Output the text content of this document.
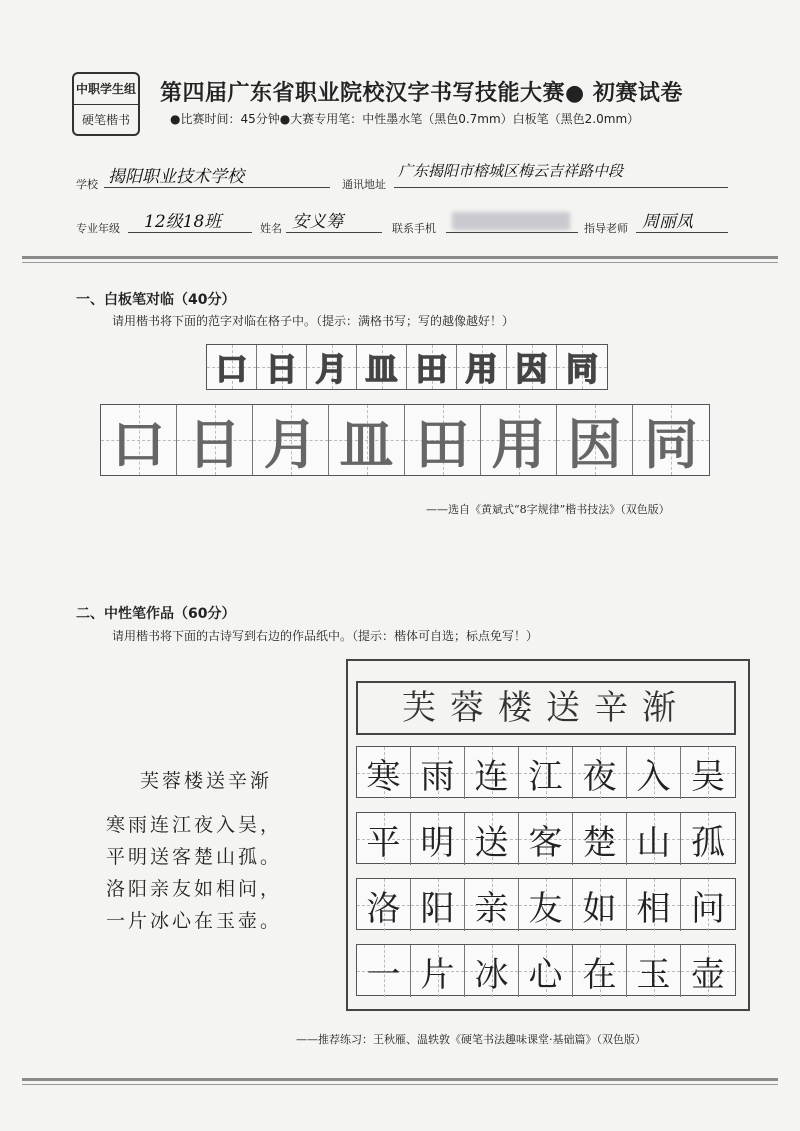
中职学生组
硬笔楷书
第四届广东省职业院校汉字书写技能大赛● 初赛试卷
●比赛时间：45分钟●大赛专用笔：中性墨水笔（黑色0.7mm）白板笔（黑色2.0mm）
学校 揭阳职业技术学校	通讯地址
广东揭阳市榕城区梅云吉祥路中段
专业年级 12级18班	姓名 安义筹	联系手机	指导老师 周丽凤
一、白板笔对临（40分）
请用楷书将下面的范字对临在格子中。（提示：满格书写；写的越像越好！）
口 日 月 皿 田 用 因 同
口 日 月 皿 田 用 因 同
——选自《黄斌式“8字规律”楷书技法》（双色版）
二、中性笔作品（60分）
请用楷书将下面的古诗写到右边的作品纸中。（提示：楷体可自选；标点免写！）
芙蓉楼送辛渐
寒雨连江夜入吴，
平明送客楚山孤。
洛阳亲友如相问，
一片冰心在玉壶。
芙蓉楼送辛渐
寒 雨 连 江 夜 入 吴
平 明 送 客 楚 山 孤
洛 阳 亲 友 如 相 问
一 片 冰 心 在 玉 壶
——推荐练习：王秋雁、温轶敦《硬笔书法趣味课堂·基础篇》（双色版）
